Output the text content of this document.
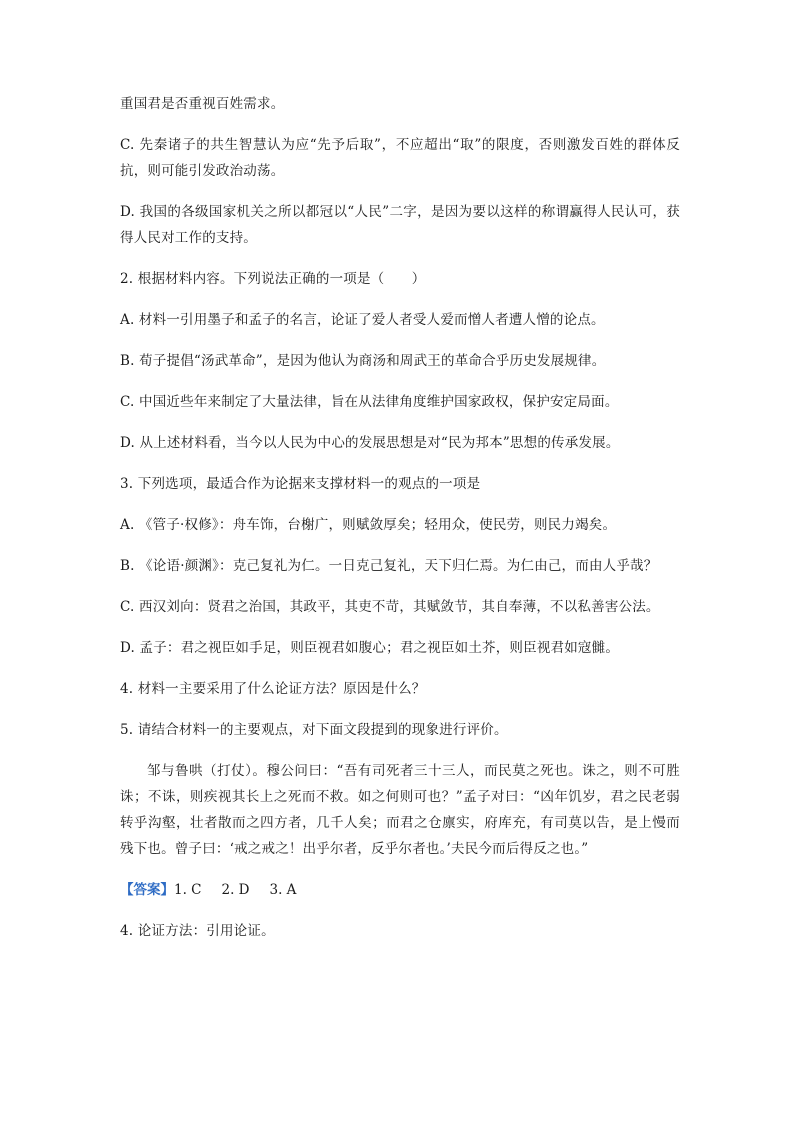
重国君是否重视百姓需求。

C. 先秦诸子的共生智慧认为应“先予后取”，不应超出“取”的限度，否则激发百姓的群体反抗，则可能引发政治动荡。

D. 我国的各级国家机关之所以都冠以“人民”二字，是因为要以这样的称谓赢得人民认可，获得人民对工作的支持。

2. 根据材料内容。下列说法正确的一项是（　　）

A. 材料一引用墨子和孟子的名言，论证了爱人者受人爱而憎人者遭人憎的论点。

B. 荀子提倡“汤武革命”，是因为他认为商汤和周武王的革命合乎历史发展规律。

C. 中国近些年来制定了大量法律，旨在从法律角度维护国家政权，保护安定局面。

D. 从上述材料看，当今以人民为中心的发展思想是对“民为邦本”思想的传承发展。

3. 下列选项，最适合作为论据来支撑材料一的观点的一项是

A. 《管子·权修》：舟车饰，台榭广，则赋敛厚矣；轻用众，使民劳，则民力竭矣。

B. 《论语·颜渊》：克己复礼为仁。一日克己复礼，天下归仁焉。为仁由己，而由人乎哉？

C. 西汉刘向：贤君之治国，其政平，其吏不苛，其赋敛节，其自奉薄，不以私善害公法。

D. 孟子：君之视臣如手足，则臣视君如腹心；君之视臣如土芥，则臣视君如寇雠。

4. 材料一主要采用了什么论证方法？原因是什么？

5. 请结合材料一的主要观点，对下面文段提到的现象进行评价。

邹与鲁哄（打仗）。穆公问曰：“吾有司死者三十三人，而民莫之死也。诛之，则不可胜诛；不诛，则疾视其长上之死而不救。如之何则可也？”孟子对曰：“凶年饥岁，君之民老弱转乎沟壑，壮者散而之四方者，几千人矣；而君之仓廪实，府库充，有司莫以告，是上慢而残下也。曾子曰：‘戒之戒之！出乎尔者，反乎尔者也。’夫民今而后得反之也。”

【答案】1. C 2. D 3. A

4. 论证方法：引用论证。
